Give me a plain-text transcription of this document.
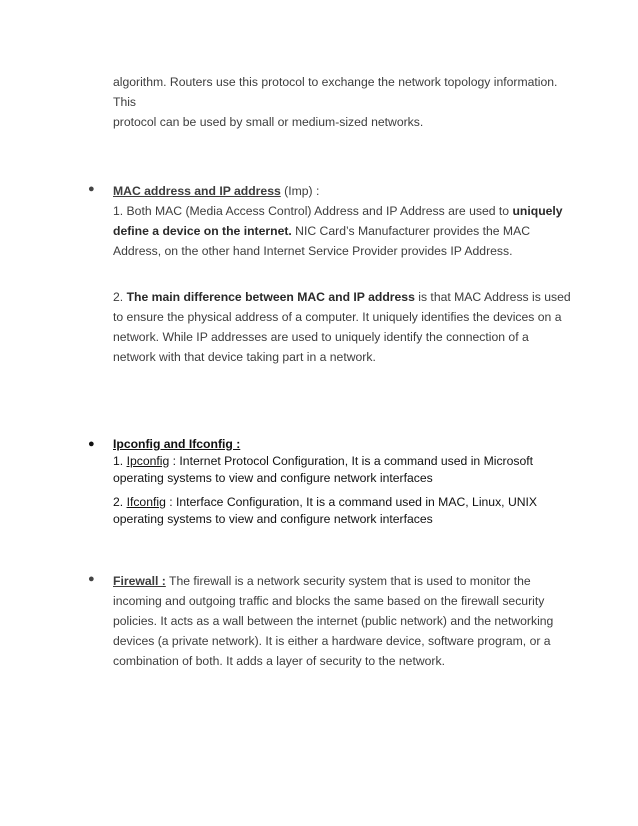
algorithm. Routers use this protocol to exchange the network topology information. This
protocol can be used by small or medium-sized networks.
● MAC address and IP address (Imp) :
1. Both MAC (Media Access Control) Address and IP Address are used to uniquely define a device on the internet. NIC Card’s Manufacturer provides the MAC Address, on the other hand Internet Service Provider provides IP Address.

2. The main difference between MAC and IP address is that MAC Address is used to ensure the physical address of a computer. It uniquely identifies the devices on a network. While IP addresses are used to uniquely identify the connection of a network with that device taking part in a network.

● Ipconfig and Ifconfig :
1. Ipconfig : Internet Protocol Configuration, It is a command used in Microsoft operating systems to view and configure network interfaces

2. Ifconfig : Interface Configuration, It is a command used in MAC, Linux, UNIX operating systems to view and configure network interfaces

● Firewall : The firewall is a network security system that is used to monitor the incoming and outgoing traffic and blocks the same based on the firewall security policies. It acts as a wall between the internet (public network) and the networking devices (a private network). It is either a hardware device, software program, or a combination of both. It adds a layer of security to the network.
